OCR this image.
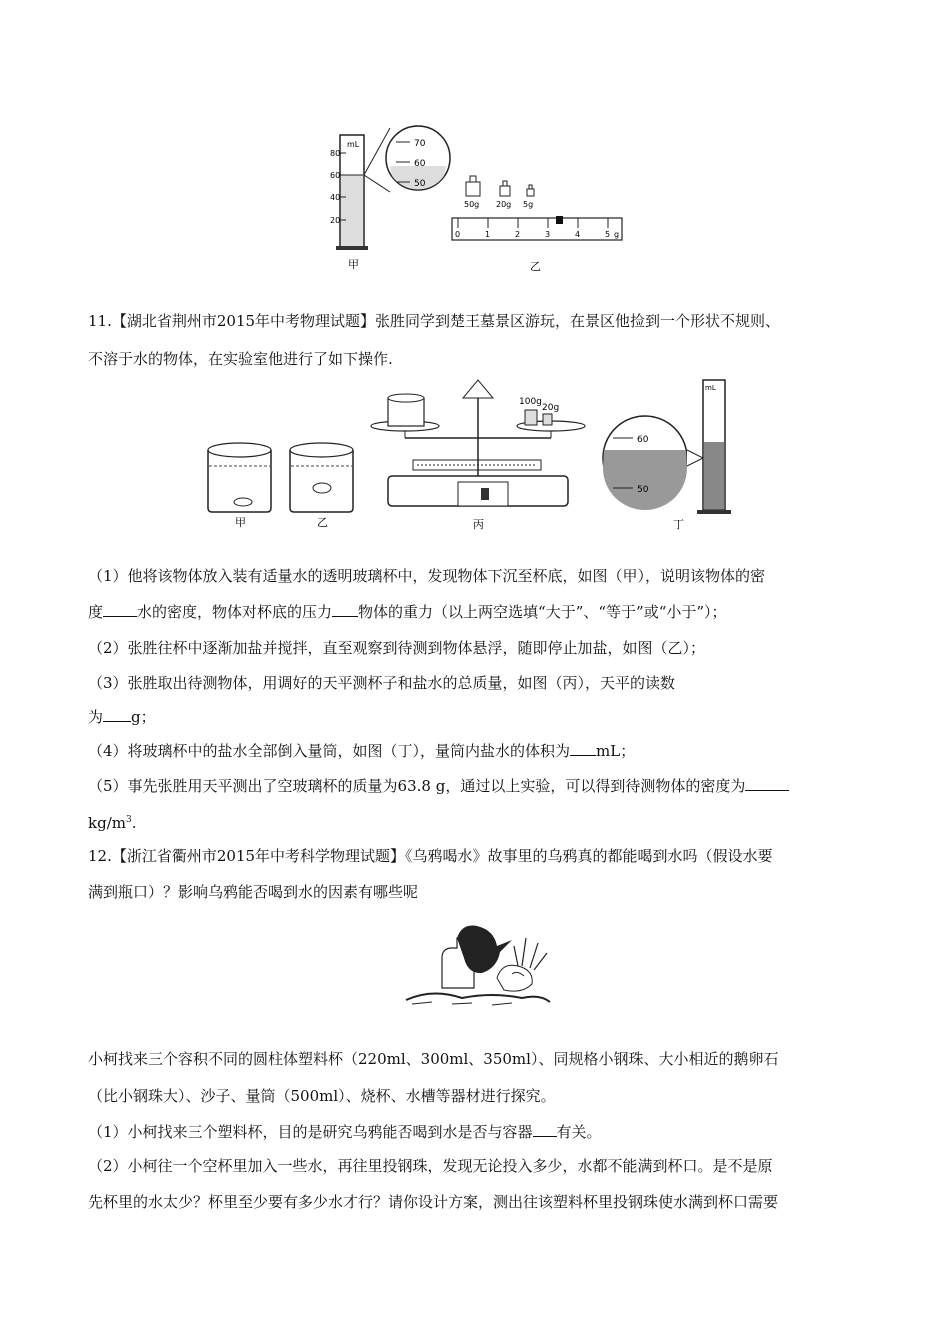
80
60
40
20
mL	70
60
50
50g 20g 5g
0	1	2	3	4	5 g
甲	乙
11.【湖北省荆州市2015年中考物理试题】张胜同学到楚王墓景区游玩，在景区他捡到一个形状不规则、
不溶于水的物体，在实验室他进行了如下操作.
100g
20g
60
50
mL
甲	乙	丙	丁
（1）他将该物体放入装有适量水的透明玻璃杯中，发现物体下沉至杯底，如图（甲），说明该物体的密
度 水的密度，物体对杯底的压力 物体的重力（以上两空选填“大于”、“等于”或“小于”）；
（2）张胜往杯中逐渐加盐并搅拌，直至观察到待测到物体悬浮，随即停止加盐，如图（乙）；
（3）张胜取出待测物体，用调好的天平测杯子和盐水的总质量，如图（丙），天平的读数
为 g；
（4）将玻璃杯中的盐水全部倒入量筒，如图（丁），量筒内盐水的体积为 mL；
（5）事先张胜用天平测出了空玻璃杯的质量为63.8 g，通过以上实验，可以得到待测物体的密度为
$kg/m^3$.
12.【浙江省衢州市2015年中考科学物理试题】《乌鸦喝水》故事里的乌鸦真的都能喝到水吗（假设水要
满到瓶口）？影响乌鸦能否喝到水的因素有哪些呢
小柯找来三个容积不同的圆柱体塑料杯（220ml、300ml、350ml）、同规格小钢珠、大小相近的鹅卵石
（比小钢珠大）、沙子、量筒（500ml）、烧杯、水槽等器材进行探究。
（1）小柯找来三个塑料杯，目的是研究乌鸦能否喝到水是否与容器 有关。
（2）小柯往一个空杯里加入一些水，再往里投钢珠，发现无论投入多少，水都不能满到杯口。是不是原
先杯里的水太少？杯里至少要有多少水才行？请你设计方案，测出往该塑料杯里投钢珠使水满到杯口需要
